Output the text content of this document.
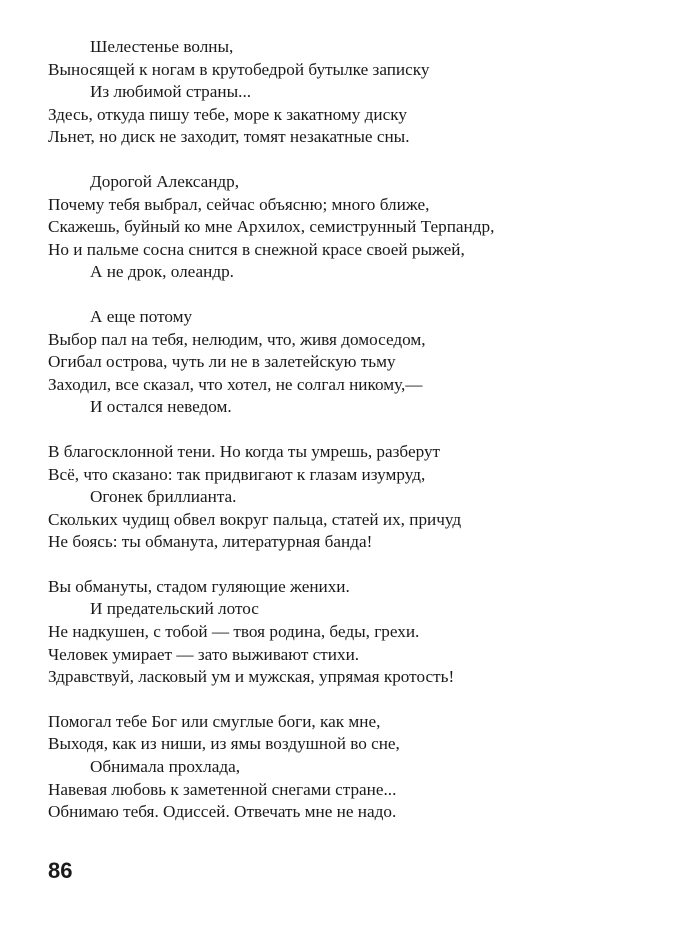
Шелестенье волны,
Выносящей к ногам в крутобедрой бутылке записку
Из любимой страны...
Здесь, откуда пишу тебе, море к закатному диску
Льнет, но диск не заходит, томят незакатные сны.
Дорогой Александр,
Почему тебя выбрал, сейчас объясню; много ближе,
Скажешь, буйный ко мне Архилох, семиструнный Терпандр,
Но и пальме сосна снится в снежной красе своей рыжей,
А не дрок, олеандр.
А еще потому
Выбор пал на тебя, нелюдим, что, живя домоседом,
Огибал острова, чуть ли не в залетейскую тьму
Заходил, все сказал, что хотел, не солгал никому,—
И остался неведом.
В благосклонной тени. Но когда ты умрешь, разберут
Всё, что сказано: так придвигают к глазам изумруд,
Огонек бриллианта.
Скольких чудищ обвел вокруг пальца, статей их, причуд
Не боясь: ты обманута, литературная банда!
Вы обмануты, стадом гуляющие женихи.
И предательский лотос
Не надкушен, с тобой — твоя родина, беды, грехи.
Человек умирает — зато выживают стихи.
Здравствуй, ласковый ум и мужская, упрямая кротость!
Помогал тебе Бог или смуглые боги, как мне,
Выходя, как из ниши, из ямы воздушной во сне,
Обнимала прохлада,
Навевая любовь к заметенной снегами стране...
Обнимаю тебя. Одиссей. Отвечать мне не надо.
86
